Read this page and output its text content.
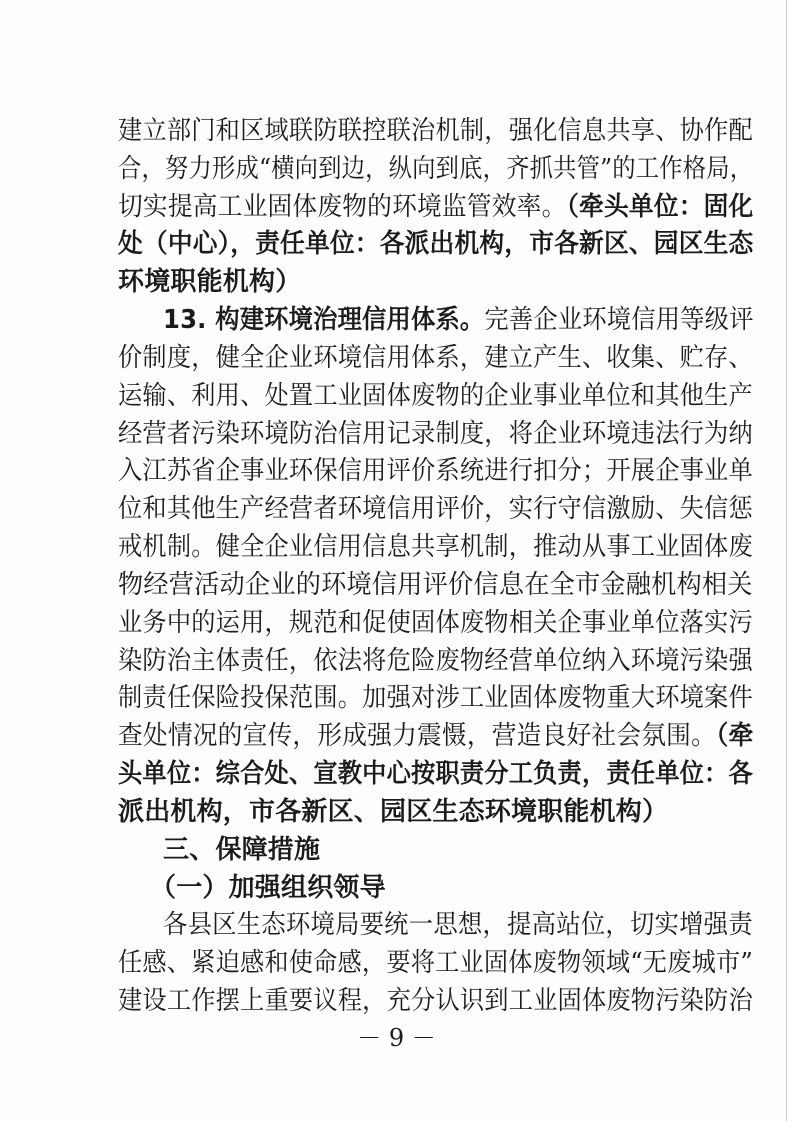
建立部门和区域联防联控联治机制，强化信息共享、协作配
合，努力形成“横向到边，纵向到底，齐抓共管”的工作格局，
切实提高工业固体废物的环境监管效率。（牵头单位：固化
处（中心），责任单位：各派出机构，市各新区、园区生态
环境职能机构）
13. 构建环境治理信用体系。完善企业环境信用等级评
价制度，健全企业环境信用体系，建立产生、收集、贮存、
运输、利用、处置工业固体废物的企业事业单位和其他生产
经营者污染环境防治信用记录制度，将企业环境违法行为纳
入江苏省企事业环保信用评价系统进行扣分；开展企事业单
位和其他生产经营者环境信用评价，实行守信激励、失信惩
戒机制。健全企业信用信息共享机制，推动从事工业固体废
物经营活动企业的环境信用评价信息在全市金融机构相关
业务中的运用，规范和促使固体废物相关企事业单位落实污
染防治主体责任，依法将危险废物经营单位纳入环境污染强
制责任保险投保范围。加强对涉工业固体废物重大环境案件
查处情况的宣传，形成强力震慑，营造良好社会氛围。（牵
头单位：综合处、宣教中心按职责分工负责，责任单位：各
派出机构，市各新区、园区生态环境职能机构）
三、保障措施
（一）加强组织领导
各县区生态环境局要统一思想，提高站位，切实增强责
任感、紧迫感和使命感，要将工业固体废物领域“无废城市”
建设工作摆上重要议程，充分认识到工业固体废物污染防治
－ 9 －
